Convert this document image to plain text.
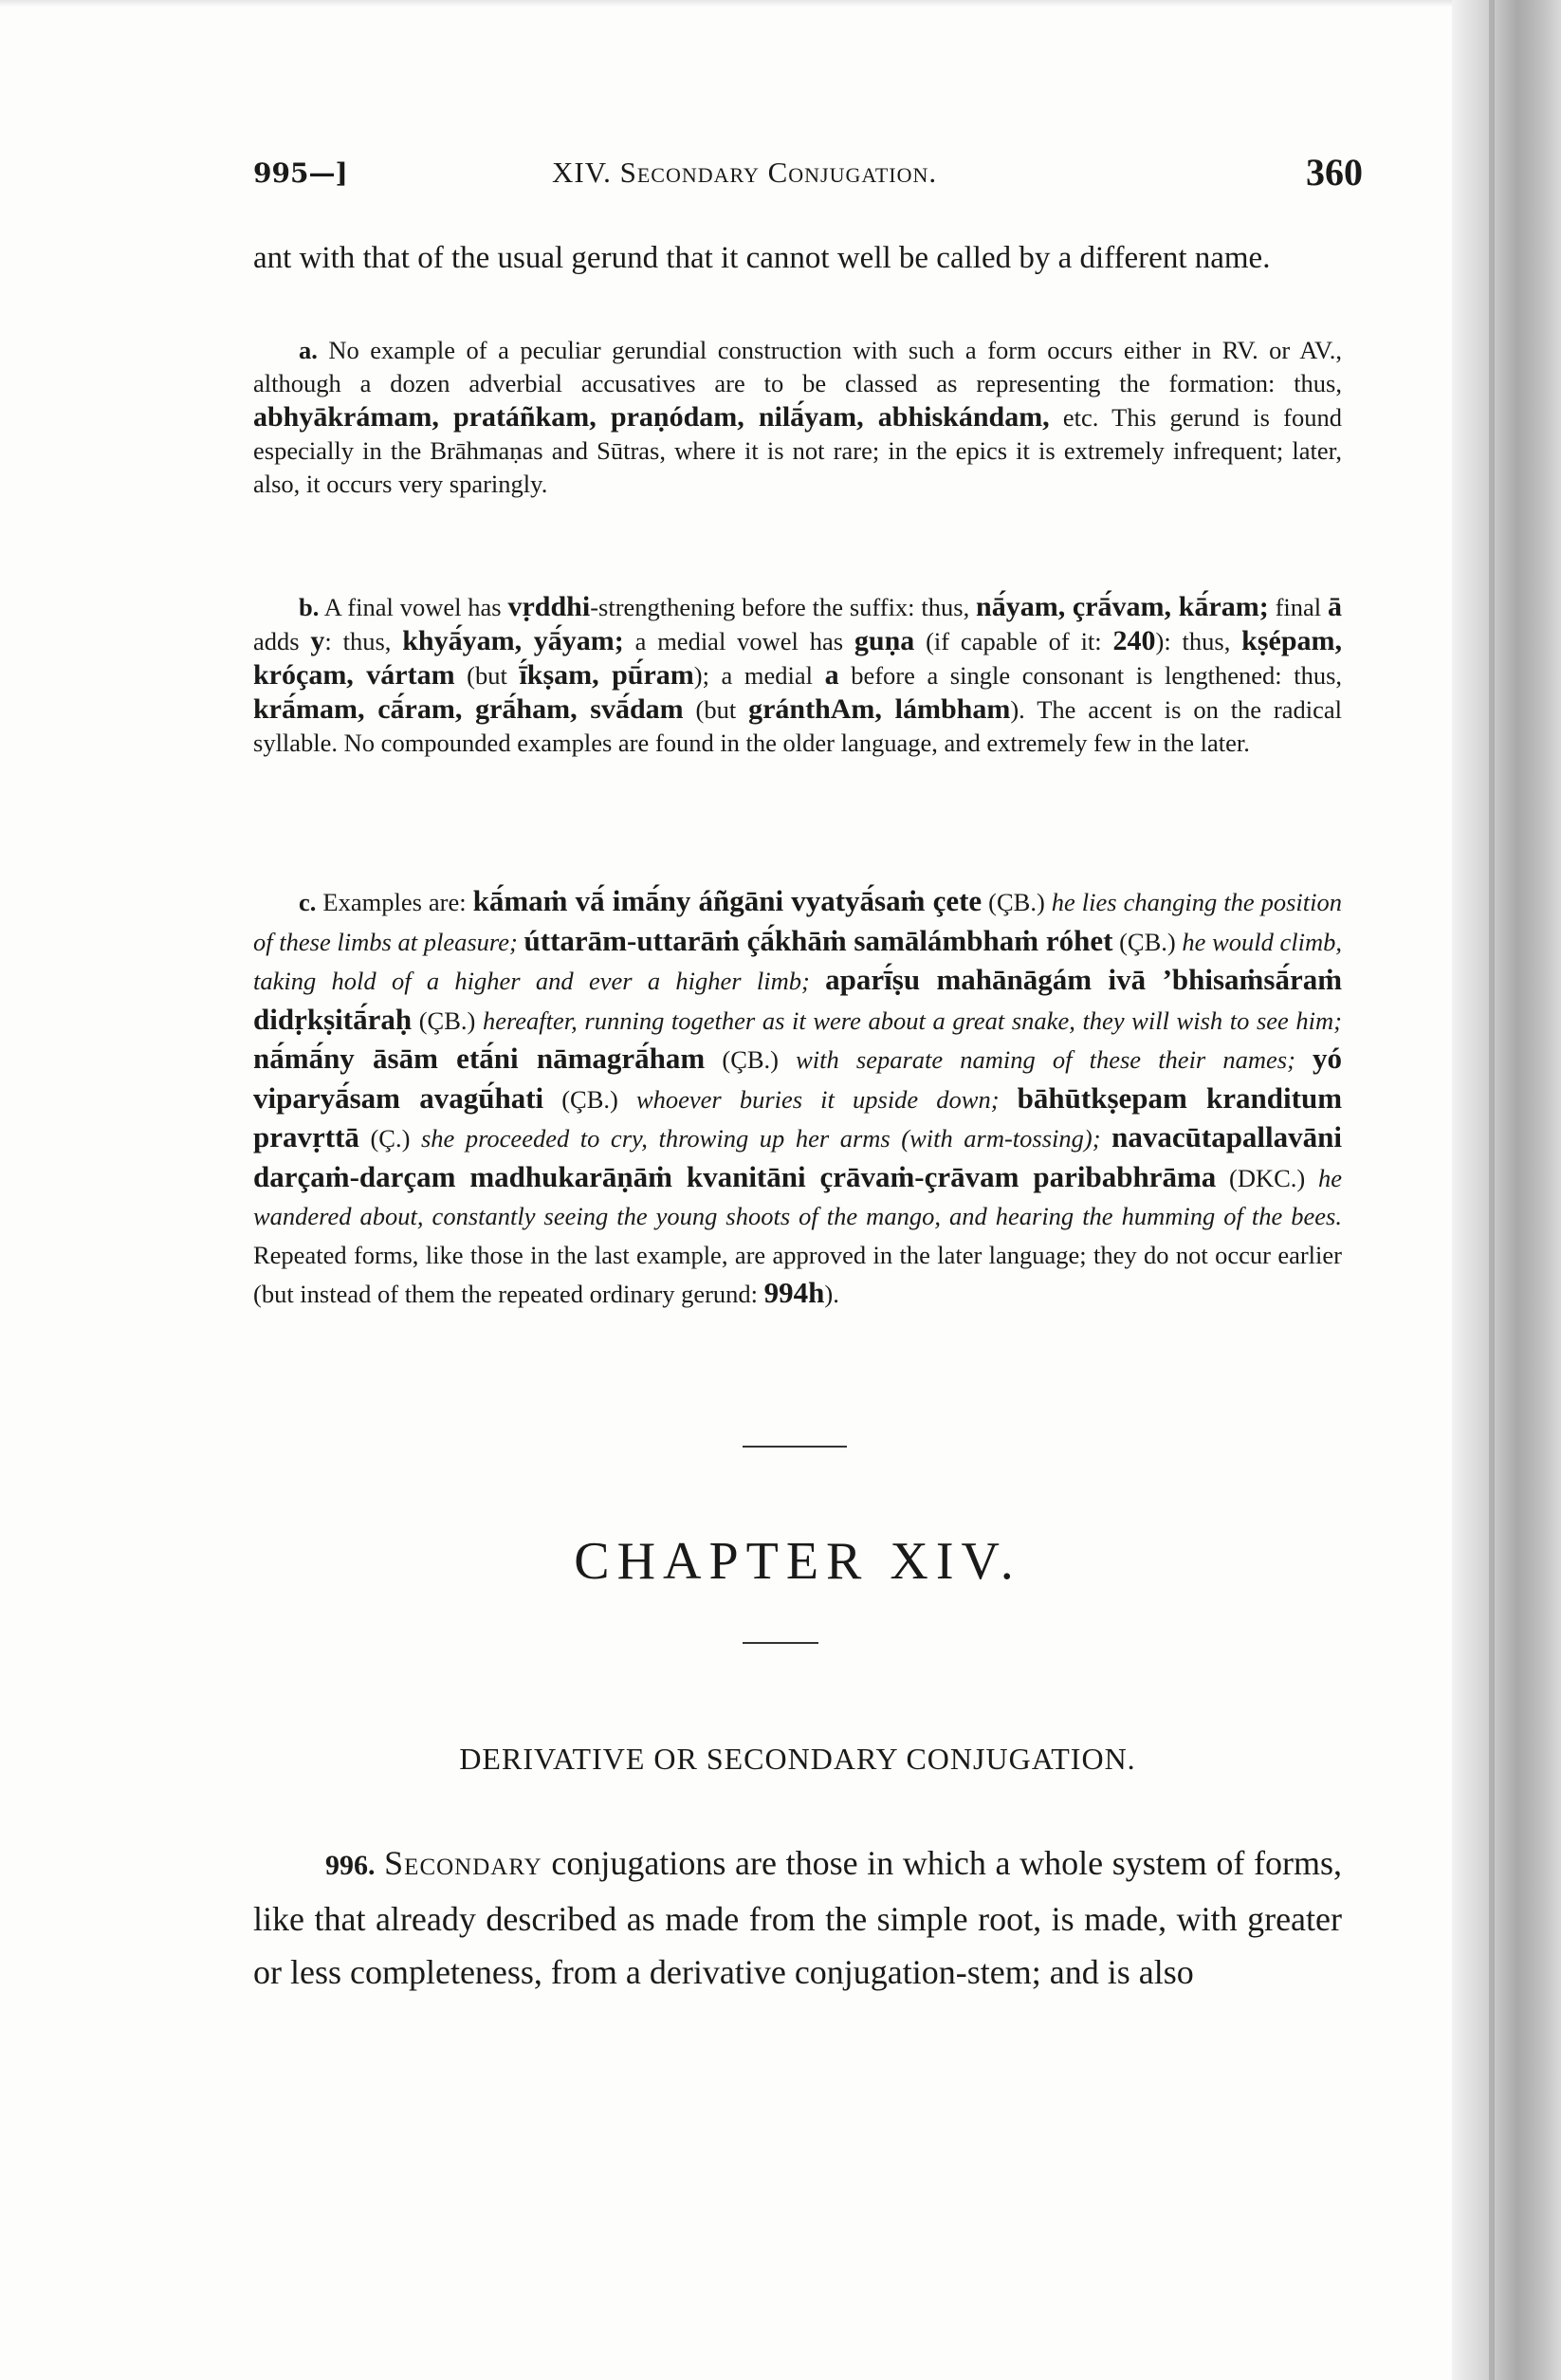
995—]	XIV. Secondary Conjugation.	360
ant with that of the usual gerund that it cannot well be called by a different name.
a. No example of a peculiar gerundial construction with such a form occurs either in RV. or AV., although a dozen adverbial accusatives are to be classed as representing the formation: thus, abhyākrámam, pratáñkam, praṇódam, nilā́yam, abhiskándam, etc. This gerund is found especially in the Brāhmaṇas and Sūtras, where it is not rare; in the epics it is extremely infrequent; later, also, it occurs very sparingly.
b. A final vowel has vṛddhi-strengthening before the suffix: thus, nā́yam, çrā́vam, kā́ram; final ā adds y: thus, khyā́yam, yā́yam; a medial vowel has guṇa (if capable of it: 240): thus, kṣépam, króçam, vártam (but ī́kṣam, pū́ram); a medial a before a single consonant is lengthened: thus, krā́mam, cā́ram, grā́ham, svā́dam (but gránthAm, lámbham). The accent is on the radical syllable. No compounded examples are found in the older language, and extremely few in the later.
c. Examples are: kā́maṁ vā́ imā́ny áñgāni vyatyā́saṁ çete (ÇB.) he lies changing the position of these limbs at pleasure; úttarām-uttarāṁ çā́khāṁ samālámbhaṁ róhet (ÇB.) he would climb, taking hold of a higher and ever a higher limb; aparī́ṣu mahānāgám ivā ’bhisaṁsā́raṁ didṛkṣitā́raḥ (ÇB.) hereafter, running together as it were about a great snake, they will wish to see him; nā́mā́ny āsām etā́ni nāmagrā́ham (ÇB.) with separate naming of these their names; yó viparyā́sam avagū́hati (ÇB.) whoever buries it upside down; bāhūtkṣepam kranditum pravṛttā (Ç.) she proceeded to cry, throwing up her arms (with arm-tossing); navacūtapallavāni darçaṁ-darçam madhukarāṇāṁ kvanitāni çrāvaṁ-çrāvam paribabhrāma (DKC.) he wandered about, constantly seeing the young shoots of the mango, and hearing the humming of the bees. Repeated forms, like those in the last example, are approved in the later language; they do not occur earlier (but instead of them the repeated ordinary gerund: 994h).
CHAPTER XIV.
DERIVATIVE OR SECONDARY CONJUGATION.
996. Secondary conjugations are those in which a whole system of forms, like that already described as made from the simple root, is made, with greater or less completeness, from a derivative conjugation-stem; and is also
